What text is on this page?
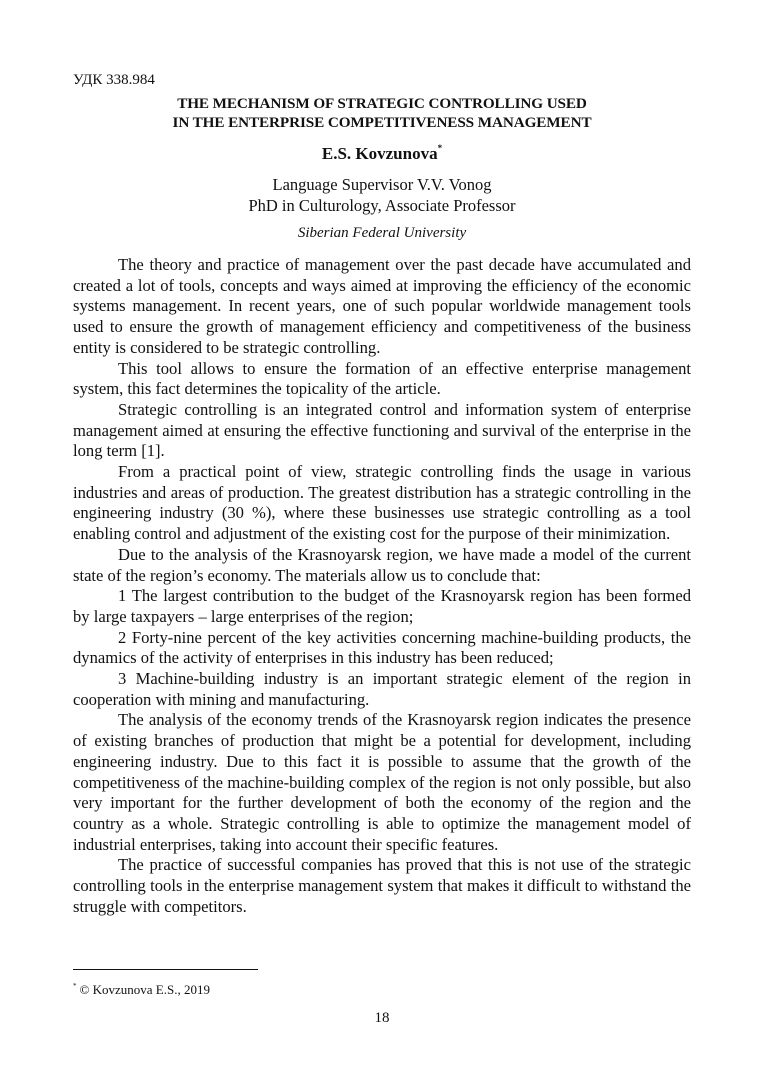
УДК 338.984
THE MECHANISM OF STRATEGIC CONTROLLING USED
IN THE ENTERPRISE COMPETITIVENESS MANAGEMENT
E.S. Kovzunova*
Language Supervisor V.V. Vonog
PhD in Culturology, Associate Professor
Siberian Federal University

The theory and practice of management over the past decade have accumulated and created a lot of tools, concepts and ways aimed at improving the efficiency of the economic systems management. In recent years, one of such popular worldwide management tools used to ensure the growth of management efficiency and competitiveness of the business entity is considered to be strategic controlling.

This tool allows to ensure the formation of an effective enterprise management system, this fact determines the topicality of the article.

Strategic controlling is an integrated control and information system of enterprise management aimed at ensuring the effective functioning and survival of the enterprise in the long term [1].

From a practical point of view, strategic controlling finds the usage in various industries and areas of production. The greatest distribution has a strategic controlling in the engineering industry (30 %), where these businesses use strategic controlling as a tool enabling control and adjustment of the existing cost for the purpose of their minimization.

Due to the analysis of the Krasnoyarsk region, we have made a model of the current state of the region’s economy. The materials allow us to conclude that:

1 The largest contribution to the budget of the Krasnoyarsk region has been formed by large taxpayers – large enterprises of the region;

2 Forty-nine percent of the key activities concerning machine-building products, the dynamics of the activity of enterprises in this industry has been reduced;

3 Machine-building industry is an important strategic element of the region in cooperation with mining and manufacturing.

The analysis of the economy trends of the Krasnoyarsk region indicates the presence of existing branches of production that might be a potential for development, including engineering industry. Due to this fact it is possible to assume that the growth of the competitiveness of the machine-building complex of the region is not only possible, but also very important for the further development of both the economy of the region and the country as a whole. Strategic controlling is able to optimize the management model of industrial enterprises, taking into account their specific features.

The practice of successful companies has proved that this is not use of the strategic controlling tools in the enterprise management system that makes it difficult to withstand the struggle with competitors.

* © Kovzunova E.S., 2019
18
